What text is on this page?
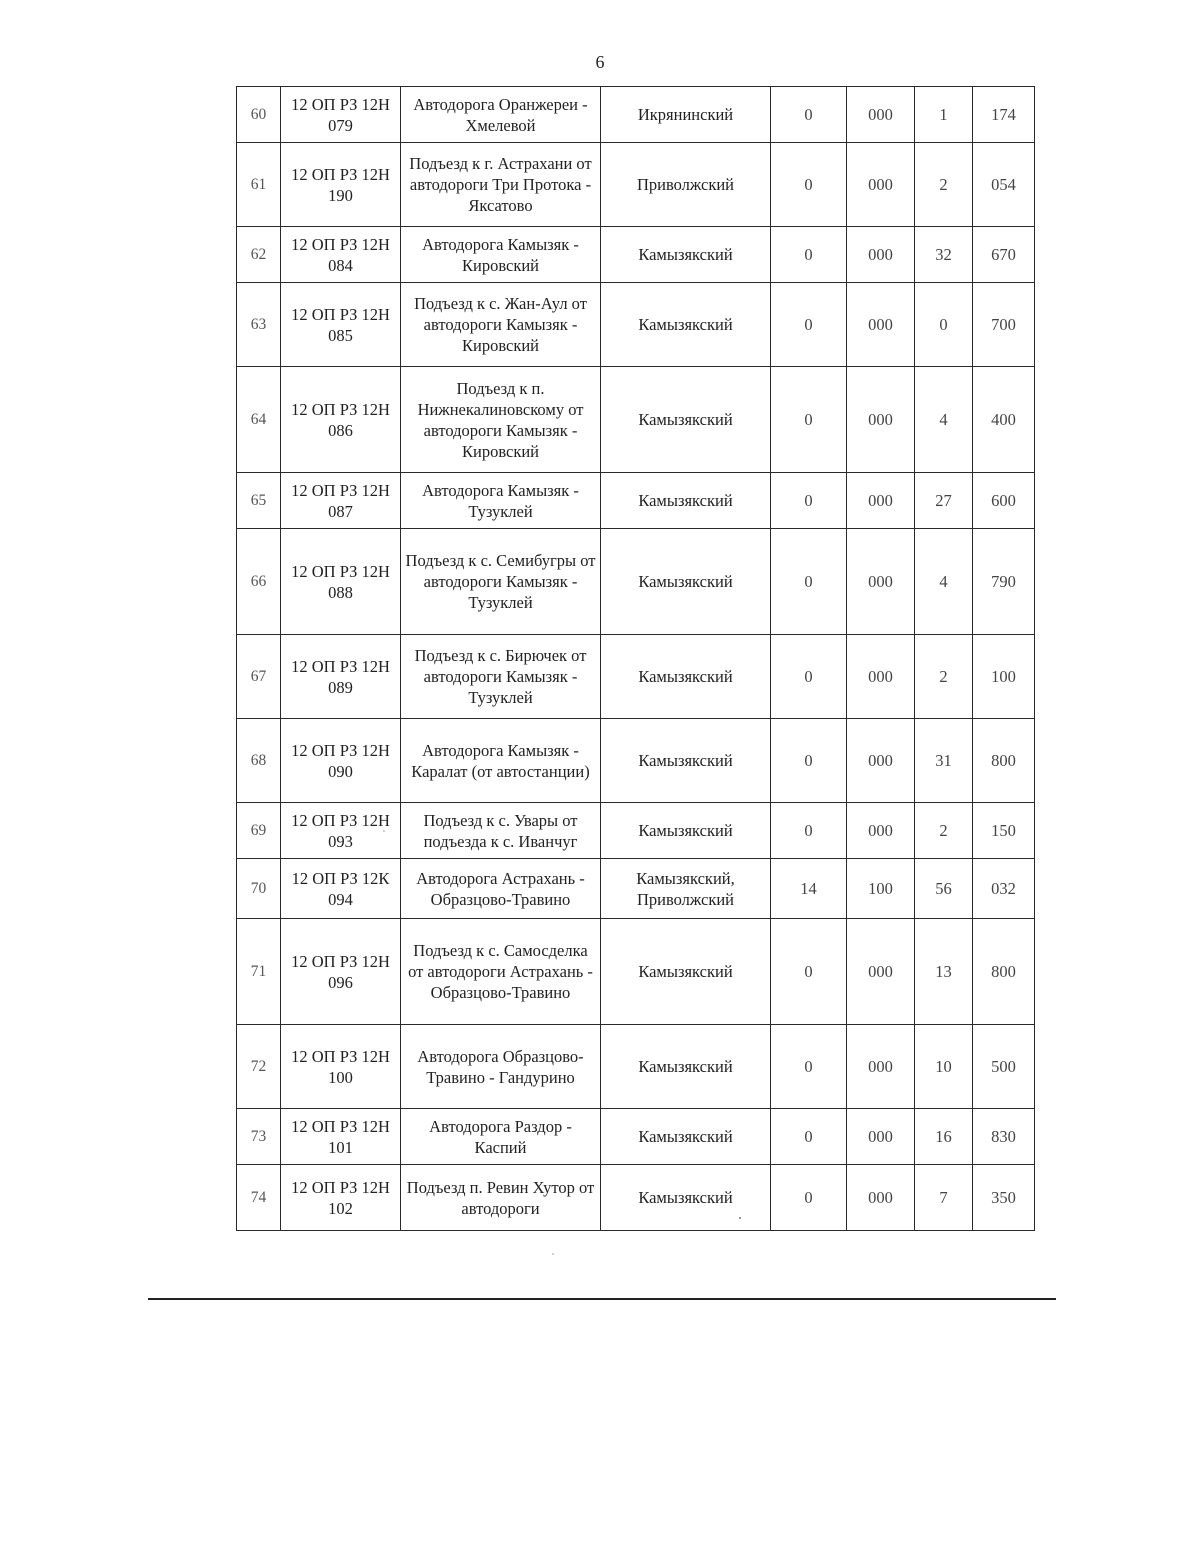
6
60	12 ОП РЗ 12Н 079	Автодорога Оранжереи - Хмелевой	Икрянинский	0	000	1	174
61	12 ОП РЗ 12Н 190	Подъезд к г. Астрахани от автодороги Три Протока - Яксатово	Приволжский	0	000	2	054
62	12 ОП РЗ 12Н 084	Автодорога Камызяк - Кировский	Камызякский	0	000	32	670
63	12 ОП РЗ 12Н 085	Подъезд к с. Жан-Аул от автодороги Камызяк - Кировский	Камызякский	0	000	0	700
64	12 ОП РЗ 12Н 086	Подъезд к п. Нижнекалиновскому от автодороги Камызяк - Кировский	Камызякский	0	000	4	400
65	12 ОП РЗ 12Н 087	Автодорога Камызяк - Тузуклей	Камызякский	0	000	27	600
66	12 ОП РЗ 12Н 088	Подъезд к с. Семибугры от автодороги Камызяк - Тузуклей	Камызякский	0	000	4	790
67	12 ОП РЗ 12Н 089	Подъезд к с. Бирючек от автодороги Камызяк - Тузуклей	Камызякский	0	000	2	100
68	12 ОП РЗ 12Н 090	Автодорога Камызяк - Каралат (от автостанции)	Камызякский	0	000	31	800
69	12 ОП РЗ 12Н 093	Подъезд к с. Увары от подъезда к с. Иванчуг	Камызякский	0	000	2	150
70	12 ОП РЗ 12К 094	Автодорога Астрахань - Образцово-Травино	Камызякский, Приволжский	14	100	56	032
71	12 ОП РЗ 12Н 096	Подъезд к с. Самосделка от автодороги Астрахань - Образцово-Травино	Камызякский	0	000	13	800
72	12 ОП РЗ 12Н 100	Автодорога Образцово-Травино - Гандурино	Камызякский	0	000	10	500
73	12 ОП РЗ 12Н 101	Автодорога Раздор - Каспий	Камызякский	0	000	16	830
74	12 ОП РЗ 12Н 102	Подъезд п. Ревин Хутор от автодороги	Камызякский	0	000	7	350
